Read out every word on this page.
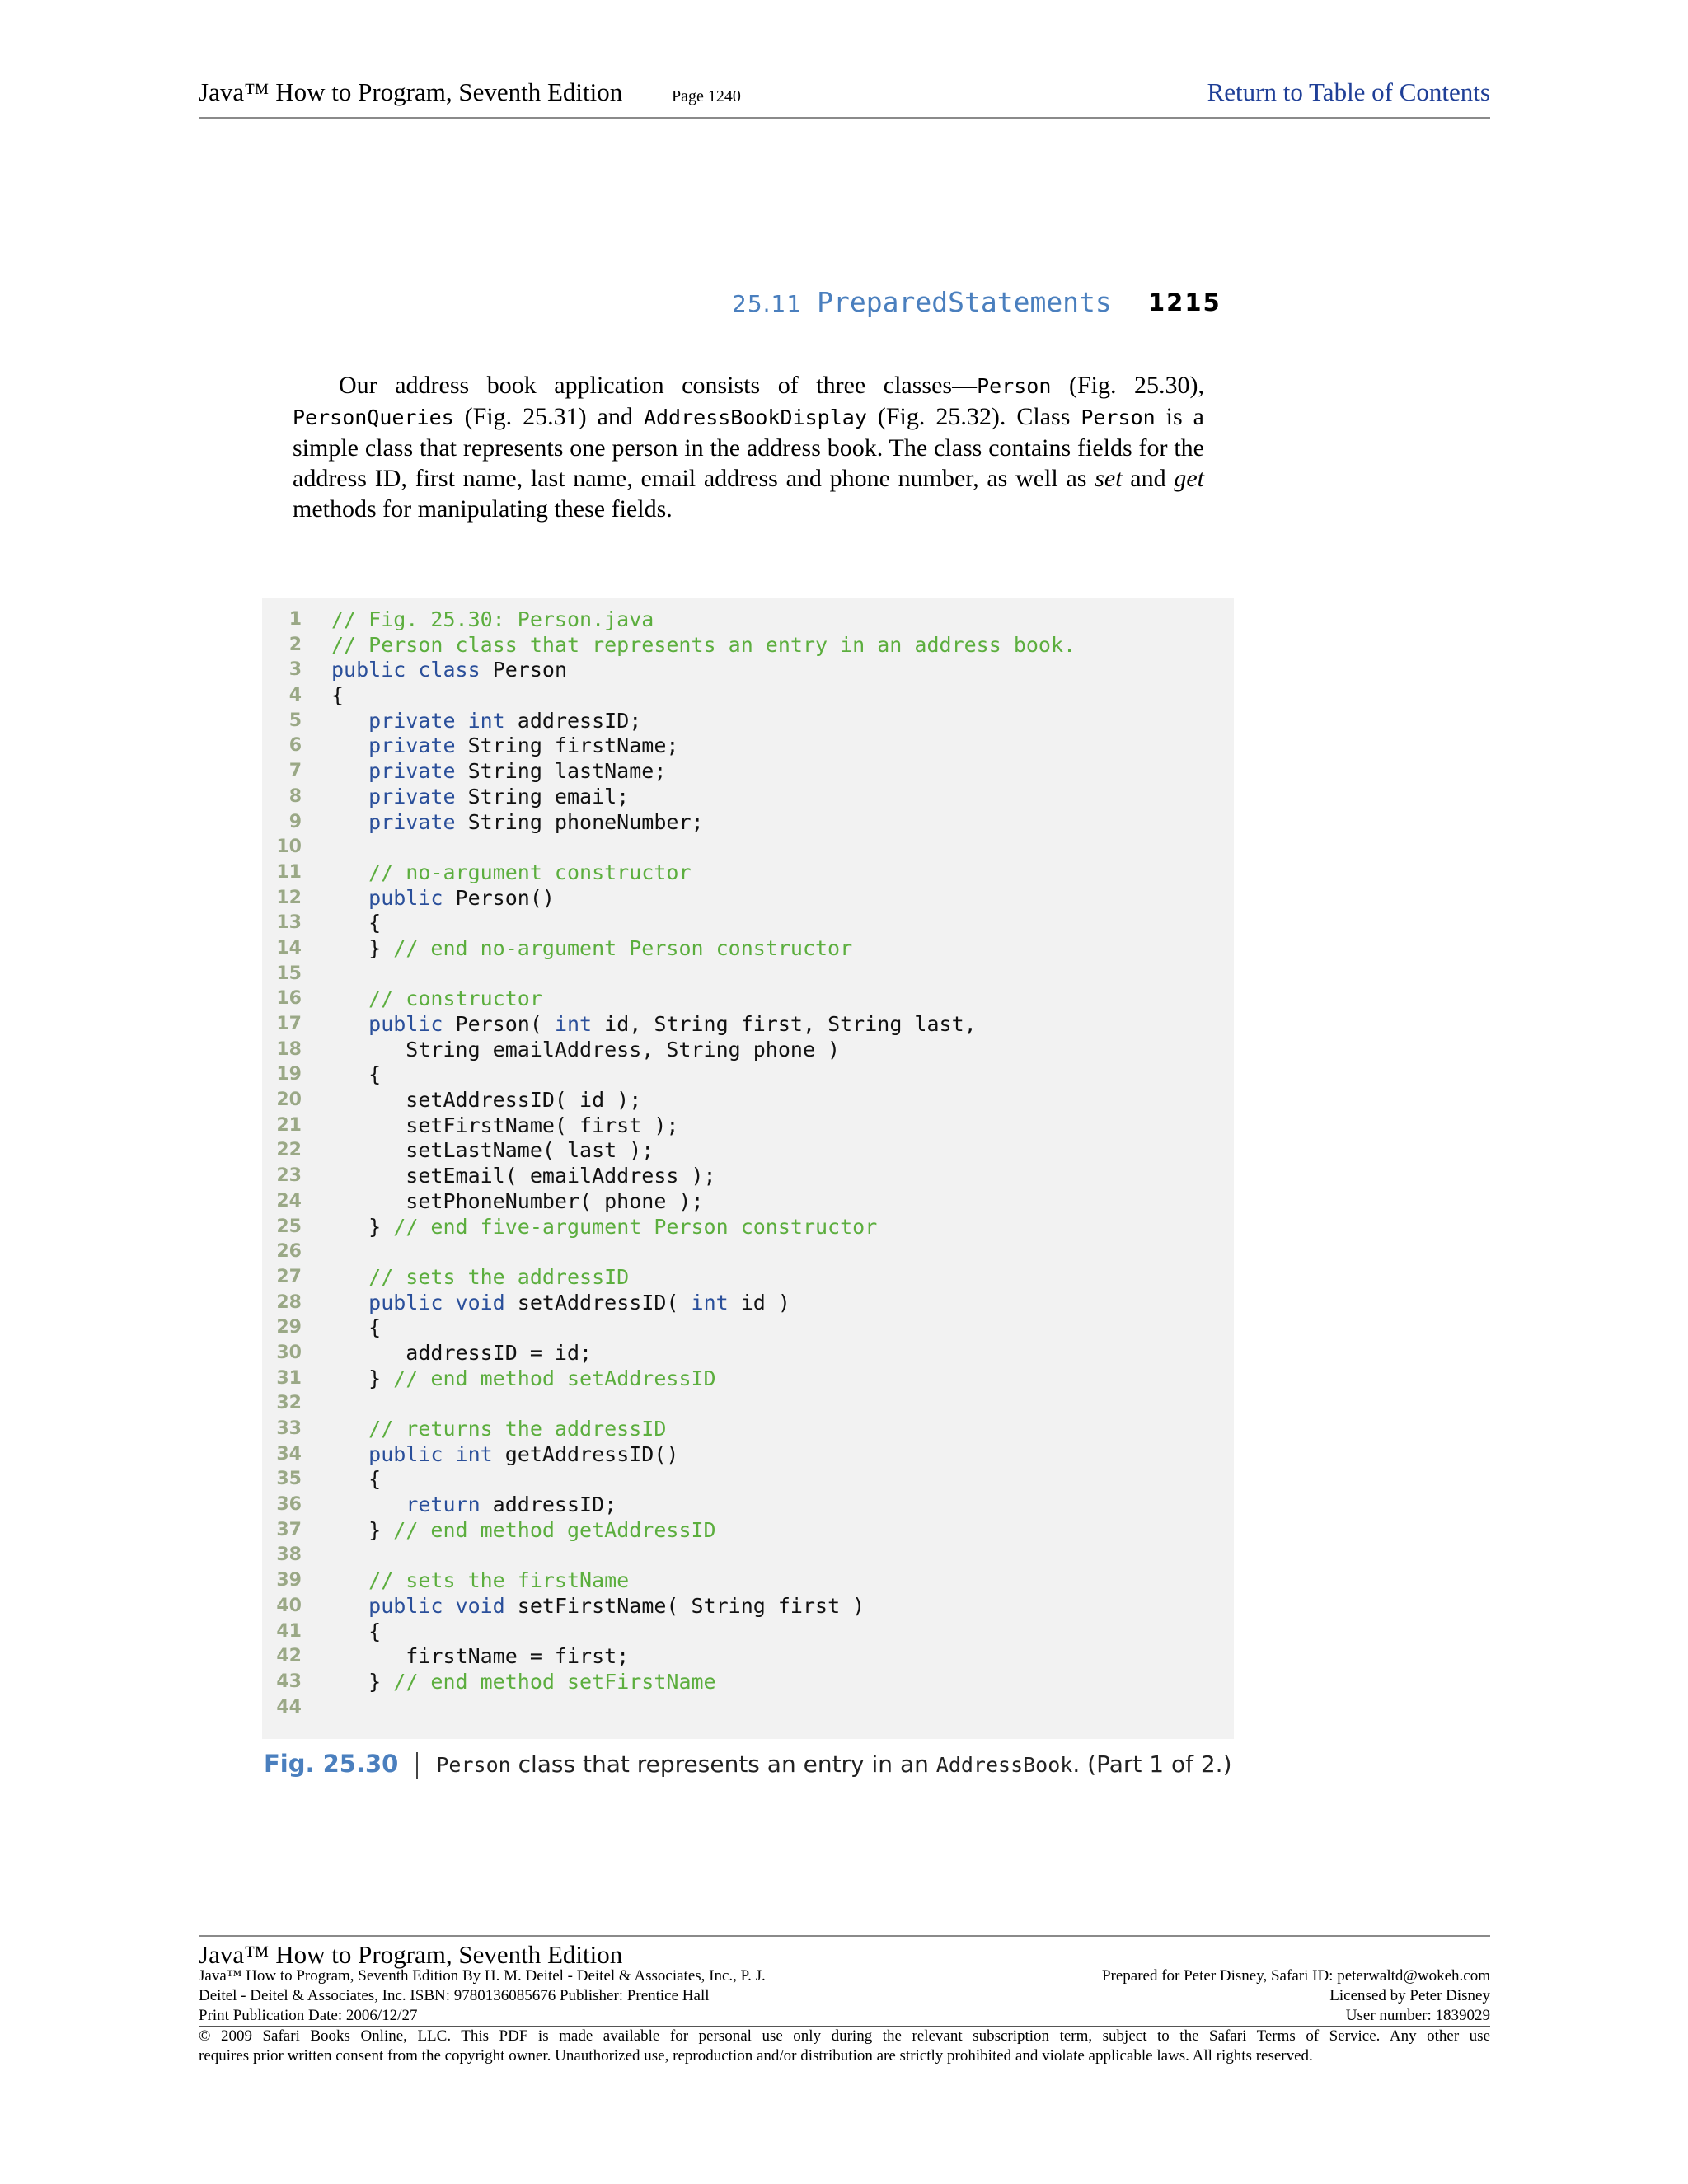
Java™ How to Program, Seventh Edition	Page 1240	Return to Table of Contents
25.11 PreparedStatements 1215
Our address book application consists of three classes—Person (Fig. 25.30), PersonQueries (Fig. 25.31) and AddressBookDisplay (Fig. 25.32). Class Person is a simple class that represents one person in the address book. The class contains fields for the address ID, first name, last name, email address and phone number, as well as set and get methods for manipulating these fields.
1 // Fig. 25.30: Person.java
2 // Person class that represents an entry in an address book.
3 public class Person
4 {
5	private int addressID;
6	private String firstName;
7	private String lastName;
8	private String email;
9	private String phoneNumber;
10
11	// no-argument constructor
12	public Person()
13 {
14 } // end no-argument Person constructor
15
16	// constructor
17	public Person( int id, String first, String last,
18 String emailAddress, String phone )
19 {
20 setAddressID( id );
21 setFirstName( first );
22 setLastName( last );
23 setEmail( emailAddress );
24 setPhoneNumber( phone );
25 } // end five-argument Person constructor
26
27	// sets the addressID
28	public void setAddressID( int id )
29 {
30 addressID = id;
31 } // end method setAddressID
32
33	// returns the addressID
34	public int getAddressID()
35 {
36	return addressID;
37 } // end method getAddressID
38
39	// sets the firstName
40	public void setFirstName( String first )
41 {
42 firstName = first;
43 } // end method setFirstName
44
Fig. 25.30 Person class that represents an entry in an AddressBook. (Part 1 of 2.)
Java™ How to Program, Seventh Edition
Java™ How to Program, Seventh Edition By H. M. Deitel - Deitel & Associates, Inc., P. J.
Deitel - Deitel & Associates, Inc. ISBN: 9780136085676 Publisher: Prentice Hall
Print Publication Date: 2006/12/27
Prepared for Peter Disney, Safari ID: peterwaltd@wokeh.com
Licensed by Peter Disney
User number: 1839029
© 2009 Safari Books Online, LLC. This PDF is made available for personal use only during the relevant subscription term, subject to the Safari Terms of Service. Any other use
requires prior written consent from the copyright owner. Unauthorized use, reproduction and/or distribution are strictly prohibited and violate applicable laws. All rights reserved.
